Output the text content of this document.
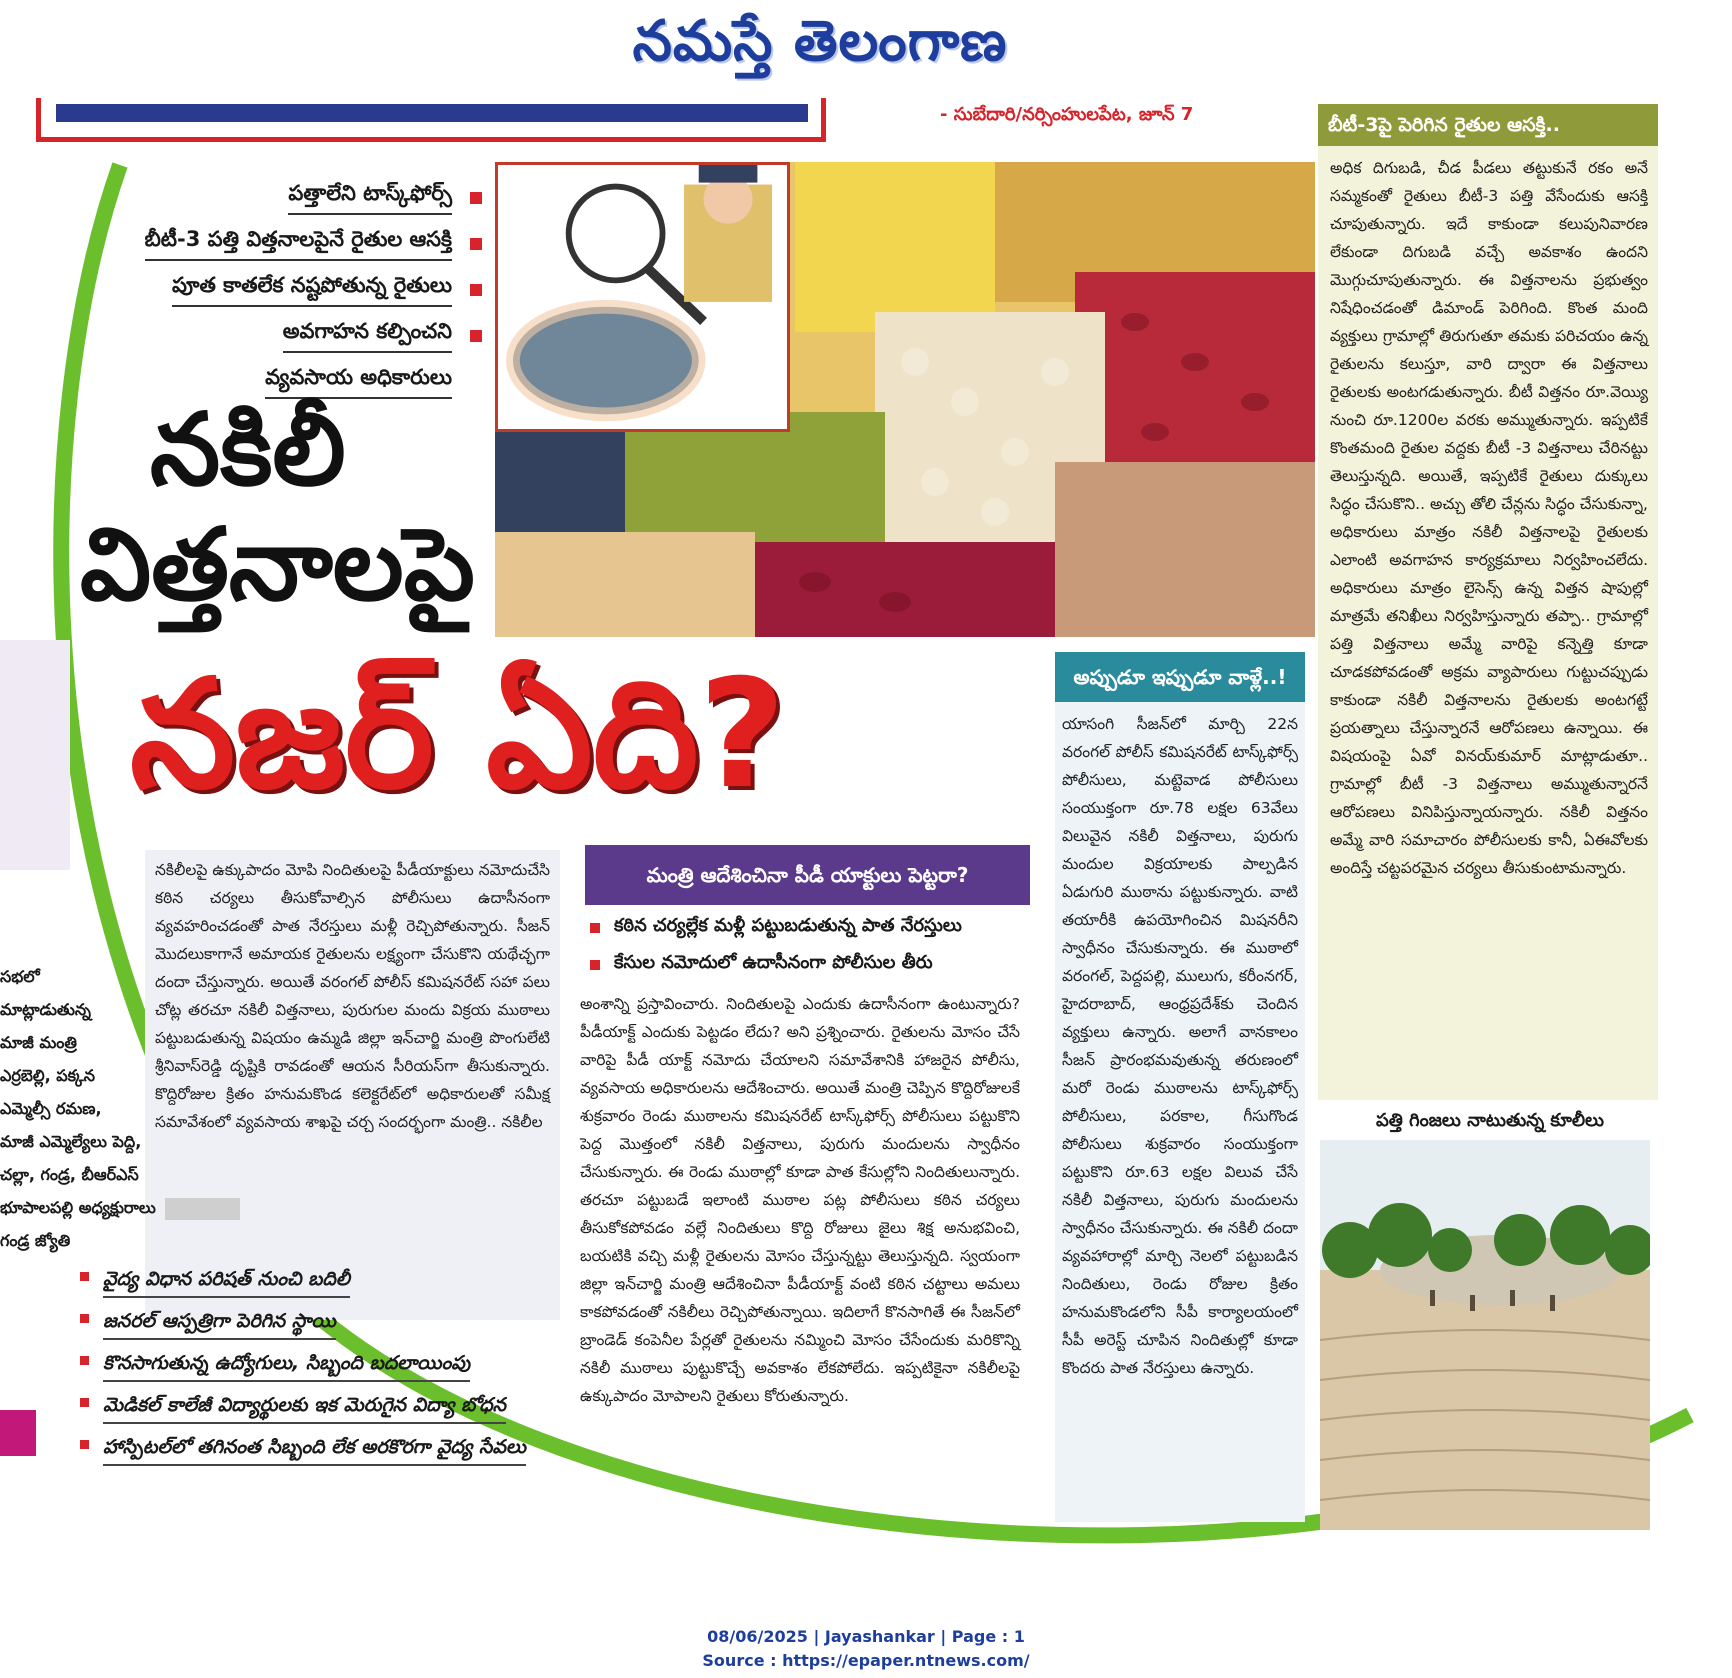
నమస్తే తెలంగాణ
- సుబేదారి/నర్సింహులపేట, జూన్ 7
పత్తాలేని టాస్క్‌ఫోర్స్
బీటీ-3 పత్తి విత్తనాలపైనే రైతుల ఆసక్తి
పూత కాతలేక నష్టపోతున్న రైతులు
అవగాహన కల్పించని
వ్యవసాయ అధికారులు
నకిలీ
విత్తనాలపై
నజర్ ఏది?
బీటీ-3పై పెరిగిన రైతుల ఆసక్తి..
అధిక దిగుబడి, చీడ పీడలు తట్టుకునే రకం అనే సమ్మకంతో రైతులు బీటీ-3 పత్తి వేసేందుకు ఆసక్తి చూపుతున్నారు. ఇదే కాకుండా కలుపునివారణ లేకుండా దిగుబడి వచ్చే అవకాశం ఉందని మొగ్గుచూపుతున్నారు. ఈ విత్తనాలను ప్రభుత్వం నిషేధించడంతో డిమాండ్ పెరిగింది. కొంత మంది వ్యక్తులు గ్రామాల్లో తిరుగుతూ తమకు పరిచయం ఉన్న రైతులను కలుస్తూ, వారి ద్వారా ఈ విత్తనాలు రైతులకు అంటగడుతున్నారు. బీటీ విత్తనం రూ.వెయ్యి నుంచి రూ.1200ల వరకు అమ్ముతున్నారు. ఇప్పటికే కొంతమంది రైతుల వద్దకు బీటీ -3 విత్తనాలు చేరినట్టు తెలుస్తున్నది. అయితే, ఇప్పటికే రైతులు దుక్కులు సిద్ధం చేసుకొని.. అచ్చు తోలి చేన్లను సిద్ధం చేసుకున్నా, అధికారులు మాత్రం నకిలీ విత్తనాలపై రైతులకు ఎలాంటి అవగాహన కార్యక్రమాలు నిర్వహించలేదు. అధికారులు మాత్రం లైసెన్స్ ఉన్న విత్తన షాపుల్లో మాత్రమే తనిఖీలు నిర్వహిస్తున్నారు తప్పా.. గ్రామాల్లో పత్తి విత్తనాలు అమ్మే వారిపై కన్నెత్తి కూడా చూడకపోవడంతో అక్రమ వ్యాపారులు గుట్టుచప్పుడు కాకుండా నకిలీ విత్తనాలను రైతులకు అంటగట్టే ప్రయత్నాలు చేస్తున్నారనే ఆరోపణలు ఉన్నాయి. ఈ విషయంపై ఏవో వినయ్‌కుమార్ మాట్లాడుతూ.. గ్రామాల్లో బీటీ -3 విత్తనాలు అమ్ముతున్నారనే ఆరోపణలు వినిపిస్తున్నాయన్నారు. నకిలీ విత్తనం అమ్మే వారి సమాచారం పోలీసులకు కానీ, ఏఈవోలకు అందిస్తే చట్టపరమైన చర్యలు తీసుకుంటామన్నారు.
పత్తి గింజలు నాటుతున్న కూలీలు
అప్పుడూ ఇప్పుడూ వాళ్లే..!
యాసంగి సీజన్‌లో మార్చి 22న వరంగల్ పోలీస్ కమిషనరేట్ టాస్క్‌ఫోర్స్ పోలీసులు, మట్టెవాడ పోలీసులు సంయుక్తంగా రూ.78 లక్షల 63వేలు విలువైన నకిలీ విత్తనాలు, పురుగు మందుల విక్రయాలకు పాల్పడిన ఏడుగురి ముఠాను పట్టుకున్నారు. వాటి తయారీకి ఉపయోగించిన మిషనరీని స్వాధీనం చేసుకున్నారు. ఈ ముఠాలో వరంగల్, పెద్దపల్లి, ములుగు, కరీంనగర్, హైదరాబాద్, ఆంధ్రప్రదేశ్‌కు చెందిన వ్యక్తులు ఉన్నారు. అలాగే వానకాలం సీజన్ ప్రారంభమవుతున్న తరుణంలో మరో రెండు ముఠాలను టాస్క్‌ఫోర్స్ పోలీసులు, పరకాల, గీసుగొండ పోలీసులు శుక్రవారం సంయుక్తంగా పట్టుకొని రూ.63 లక్షల విలువ చేసే నకిలీ విత్తనాలు, పురుగు మందులను స్వాధీనం చేసుకున్నారు. ఈ నకిలీ దందా వ్యవహారాల్లో మార్చి నెలలో పట్టుబడిన నిందితులు, రెండు రోజుల క్రితం హనుమకొండలోని సీపీ కార్యాలయంలో సీపీ అరెస్ట్ చూపిన నిందితుల్లో కూడా కొందరు పాత నేరస్తులు ఉన్నారు.
మంత్రి ఆదేశించినా పీడీ యాక్టులు పెట్టరా?
కఠిన చర్యల్లేక మళ్లీ పట్టుబడుతున్న పాత నేరస్తులు
కేసుల నమోదులో ఉదాసీనంగా పోలీసుల తీరు
నకిలీలపై ఉక్కుపాదం మోపి నిందితులపై పీడీయాక్టులు నమోదుచేసి కఠిన చర్యలు తీసుకోవాల్సిన పోలీసులు ఉదాసీనంగా వ్యవహరించడంతో పాత నేరస్తులు మళ్లీ రెచ్చిపోతున్నారు. సీజన్ మొదలుకాగానే అమాయక రైతులను లక్ష్యంగా చేసుకొని యథేచ్ఛగా దందా చేస్తున్నారు. అయితే వరంగల్ పోలీస్ కమిషనరేట్ సహా పలు చోట్ల తరచూ నకిలీ విత్తనాలు, పురుగుల మందు విక్రయ ముఠాలు పట్టుబడుతున్న విషయం ఉమ్మడి జిల్లా ఇన్‌చార్జి మంత్రి పొంగులేటి శ్రీనివాస్‌రెడ్డి దృష్టికి రావడంతో ఆయన సీరియస్‌గా తీసుకున్నారు. కొద్దిరోజుల క్రితం హనుమకొండ కలెక్టరేట్‌లో అధికారులతో సమీక్ష సమావేశంలో వ్యవసాయ శాఖపై చర్చ సందర్భంగా మంత్రి.. నకిలీల
అంశాన్ని ప్రస్తావించారు. నిందితులపై ఎందుకు ఉదాసీనంగా ఉంటున్నారు? పీడీయాక్ట్ ఎందుకు పెట్టడం లేదు? అని ప్రశ్నించారు. రైతులను మోసం చేసే వారిపై పీడీ యాక్ట్ నమోదు చేయాలని సమావేశానికి హాజరైన పోలీసు, వ్యవసాయ అధికారులను ఆదేశించారు. అయితే మంత్రి చెప్పిన కొద్దిరోజులకే శుక్రవారం రెండు ముఠాలను కమిషనరేట్ టాస్క్‌ఫోర్స్ పోలీసులు పట్టుకొని పెద్ద మొత్తంలో నకిలీ విత్తనాలు, పురుగు మందులను స్వాధీనం చేసుకున్నారు. ఈ రెండు ముఠాల్లో కూడా పాత కేసుల్లోని నిందితులున్నారు. తరచూ పట్టుబడే ఇలాంటి ముఠాల పట్ల పోలీసులు కఠిన చర్యలు తీసుకోకపోవడం వల్లే నిందితులు కొద్ది రోజులు జైలు శిక్ష అనుభవించి, బయటికి వచ్చి మళ్లీ రైతులను మోసం చేస్తున్నట్టు తెలుస్తున్నది. స్వయంగా జిల్లా ఇన్‌చార్జి మంత్రి ఆదేశించినా పీడీయాక్ట్ వంటి కఠిన చట్టాలు అమలు కాకపోవడంతో నకిలీలు రెచ్చిపోతున్నాయి. ఇదిలాగే కొనసాగితే ఈ సీజన్‌లో బ్రాండెడ్ కంపెనీల పేర్లతో రైతులను నమ్మించి మోసం చేసేందుకు మరికొన్ని నకిలీ ముఠాలు పుట్టుకొచ్చే అవకాశం లేకపోలేదు. ఇప్పటికైనా నకిలీలపై ఉక్కుపాదం మోపాలని రైతులు కోరుతున్నారు.
సభలో
మాట్లాడుతున్న
మాజీ మంత్రి
ఎర్రబెల్లి, పక్కన
ఎమ్మెల్సీ రమణ,
మాజీ ఎమ్మెల్యేలు పెద్ది,
చల్లా, గండ్ర, బీఆర్‌ఎస్
భూపాలపల్లి అధ్యక్షురాలు
గండ్ర జ్యోతి
వైద్య విధాన పరిషత్ నుంచి బదిలీ
జనరల్ ఆస్పత్రిగా పెరిగిన స్థాయి
కొనసాగుతున్న ఉద్యోగులు, సిబ్బంది బదలాయింపు
మెడికల్ కాలేజీ విద్యార్థులకు ఇక మెరుగైన విద్యా బోధన
హాస్పిటల్‌లో తగినంత సిబ్బంది లేక అరకొరగా వైద్య సేవలు
08/06/2025 | Jayashankar | Page : 1
Source : https://epaper.ntnews.com/
